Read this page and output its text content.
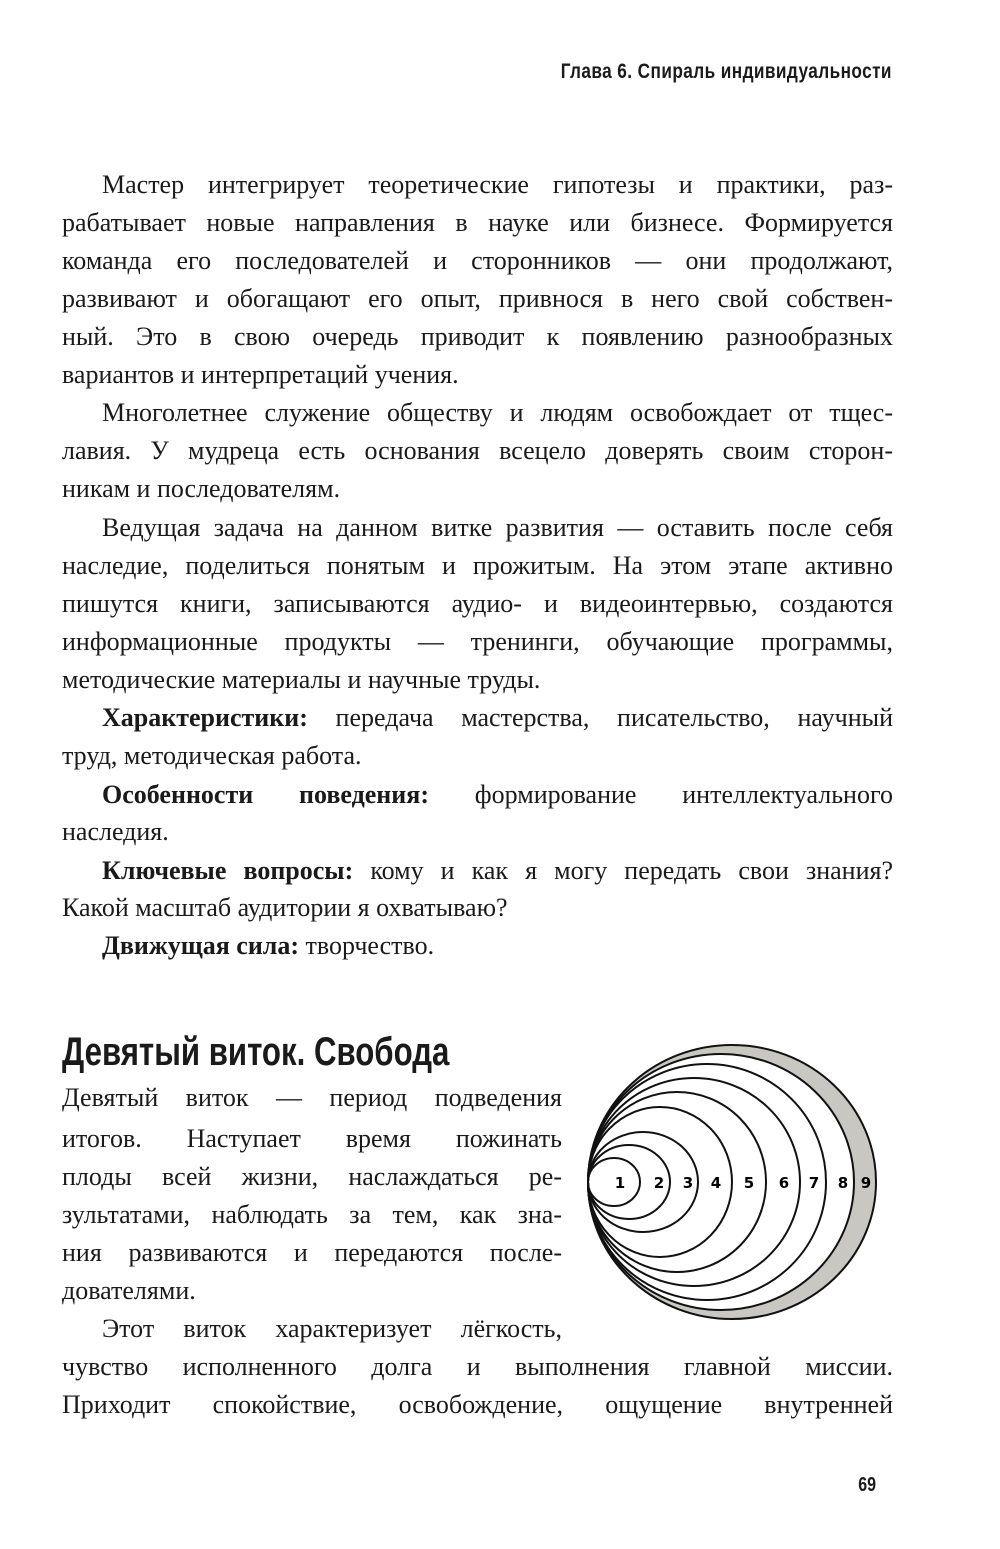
Глава 6. Спираль индивидуальности
Мастер интегрирует теоретические гипотезы и практики, раз-
рабатывает новые направления в науке или бизнесе. Формируется
команда его последователей и сторонников — они продолжают,
развивают и обогащают его опыт, привнося в него свой собствен-
ный. Это в свою очередь приводит к появлению разнообразных
вариантов и интерпретаций учения.
Многолетнее служение обществу и людям освобождает от тщес-
лавия. У мудреца есть основания всецело доверять своим сторон-
никам и последователям.
Ведущая задача на данном витке развития — оставить после себя
наследие, поделиться понятым и прожитым. На этом этапе активно
пишутся книги, записываются аудио- и видеоинтервью, создаются
информационные продукты — тренинги, обучающие программы,
методические материалы и научные труды.
Характеристики: передача мастерства, писательство, научный
труд, методическая работа.
Особенности поведения: формирование интеллектуального
наследия.
Ключевые вопросы: кому и как я могу передать свои знания?
Какой масштаб аудитории я охватываю?
Движущая сила: творчество.
Девятый виток. Свобода
Девятый виток — период подведения
итогов. Наступает время пожинать
плоды всей жизни, наслаждаться ре-
зультатами, наблюдать за тем, как зна-
ния развиваются и передаются после-
дователями.
Этот виток характеризует лёгкость,
чувство исполненного долга и выполнения главной миссии.
Приходит спокойствие, освобождение, ощущение внутренней
1 2 3 4 5 6 7 8 9
69
